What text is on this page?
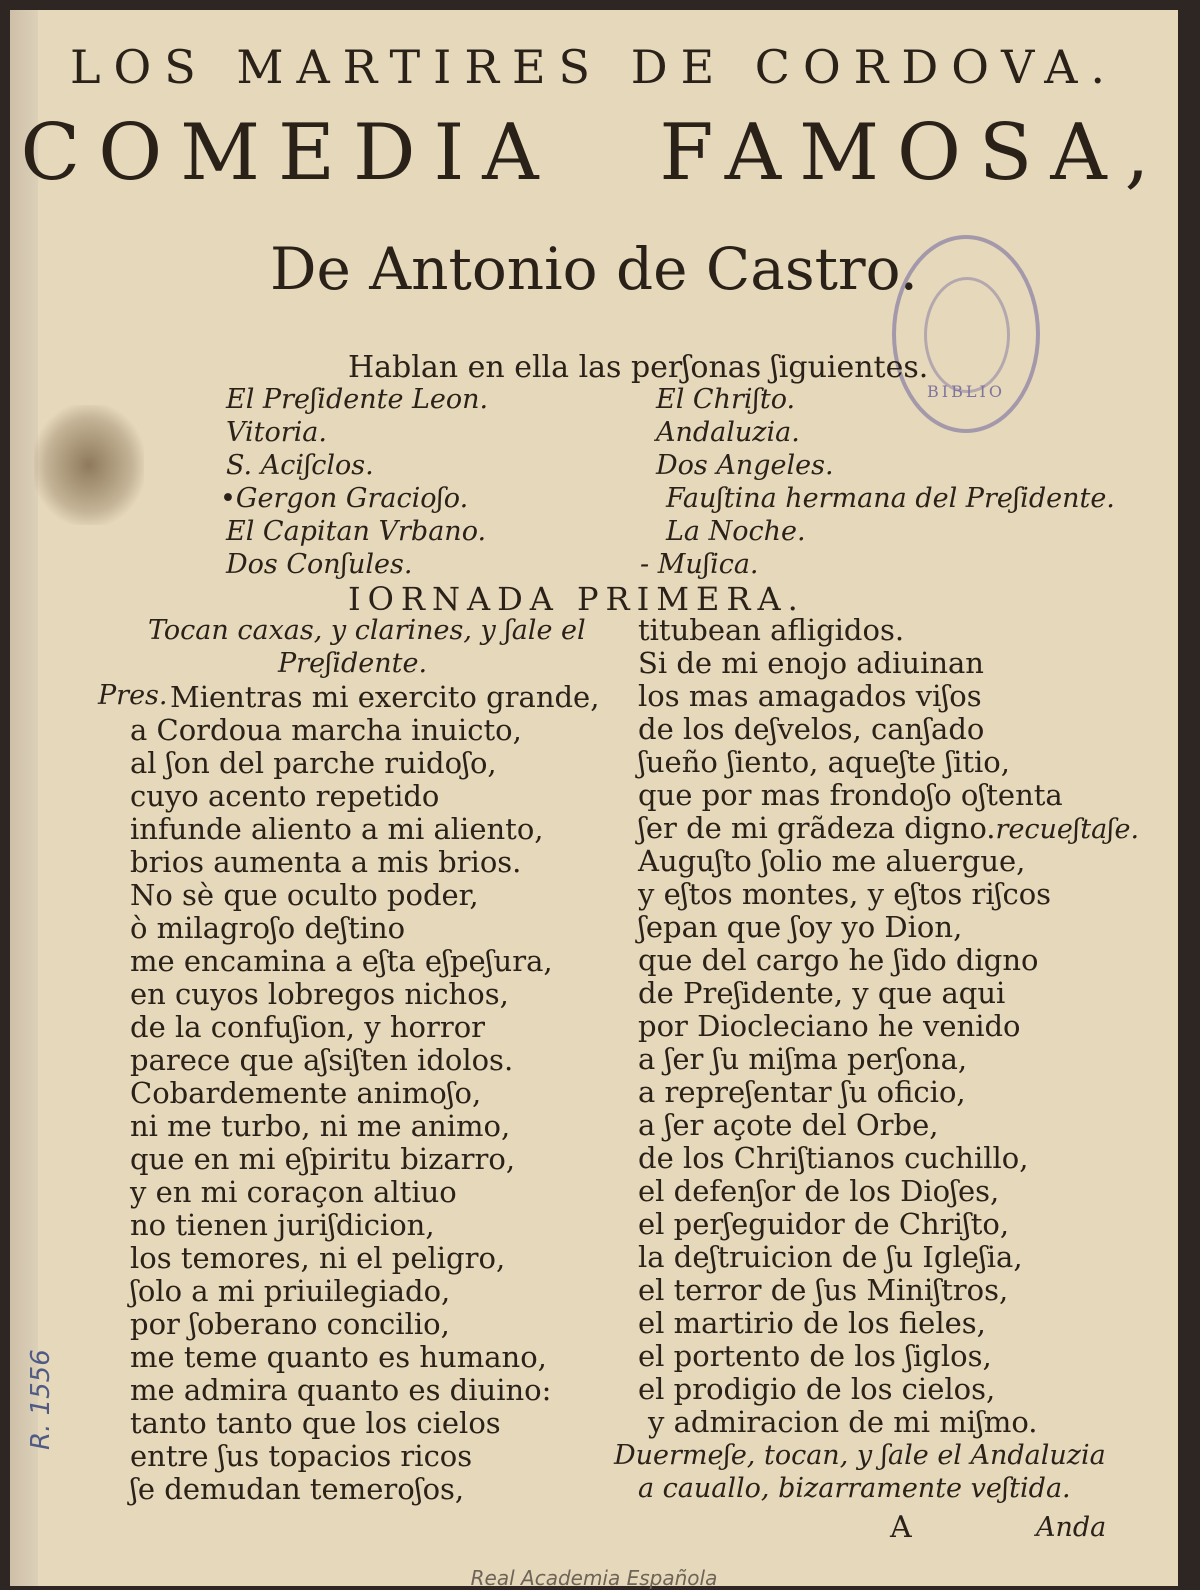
LOS MARTIRES DE CORDOVA.
COMEDIA FAMOSA,
De Antonio de Castro.
BIBLIO
Hablan en ella las perʃonas ʃiguientes.
El Preʃidente Leon.
Vitoria.
S. Aciʃclos.
•Gergon Gracioʃo.
El Capitan Vrbano.
Dos Conʃules.
El Chriʃto.
Andaluzia.
Dos Angeles.
Fauʃtina hermana del Preʃidente.
La Noche.
- Muʃica.
IORNADA PRIMERA.
Tocan caxas, y clarines, y ʃale el
Preʃidente.
Pres. Mientras mi exercito grande,
a Cordoua marcha inuicto,
al ʃon del parche ruidoʃo,
cuyo acento repetido
infunde aliento a mi aliento,
brios aumenta a mis brios.
No sè que oculto poder,
ò milagroʃo deʃtino
me encamina a eʃta eʃpeʃura,
en cuyos lobregos nichos,
de la confuʃion, y horror
parece que aʃsiʃten idolos.
Cobardemente animoʃo,
ni me turbo, ni me animo,
que en mi eʃpiritu bizarro,
y en mi coraçon altiuo
no tienen juriʃdicion,
los temores, ni el peligro,
ʃolo a mi priuilegiado,
por ʃoberano concilio,
me teme quanto es humano,
me admira quanto es diuino:
tanto tanto que los cielos
entre ʃus topacios ricos
ʃe demudan temeroʃos,
titubean afligidos.
Si de mi enojo adiuinan
los mas amagados viʃos
de los deʃvelos, canʃado
ʃueño ʃiento, aqueʃte ʃitio,
que por mas frondoʃo oʃtenta
ʃer de mi grãdeza digno.recueʃtaʃe.
Auguʃto ʃolio me aluergue,
y eʃtos montes, y eʃtos riʃcos
ʃepan que ʃoy yo Dion,
que del cargo he ʃido digno
de Preʃidente, y que aqui
por Diocleciano he venido
a ʃer ʃu miʃma perʃona,
a repreʃentar ʃu oficio,
a ʃer açote del Orbe,
de los Chriʃtianos cuchillo,
el defenʃor de los Dioʃes,
el perʃeguidor de Chriʃto,
la deʃtruicion de ʃu Igleʃia,
el terror de ʃus Miniʃtros,
el martirio de los fieles,
el portento de los ʃiglos,
el prodigio de los cielos,
y admiracion de mi miʃmo.
Duermeʃe, tocan, y ʃale el Andaluzia
a cauallo, bizarramente veʃtida.
A	Anda
R. 1556
Real Academia Española
